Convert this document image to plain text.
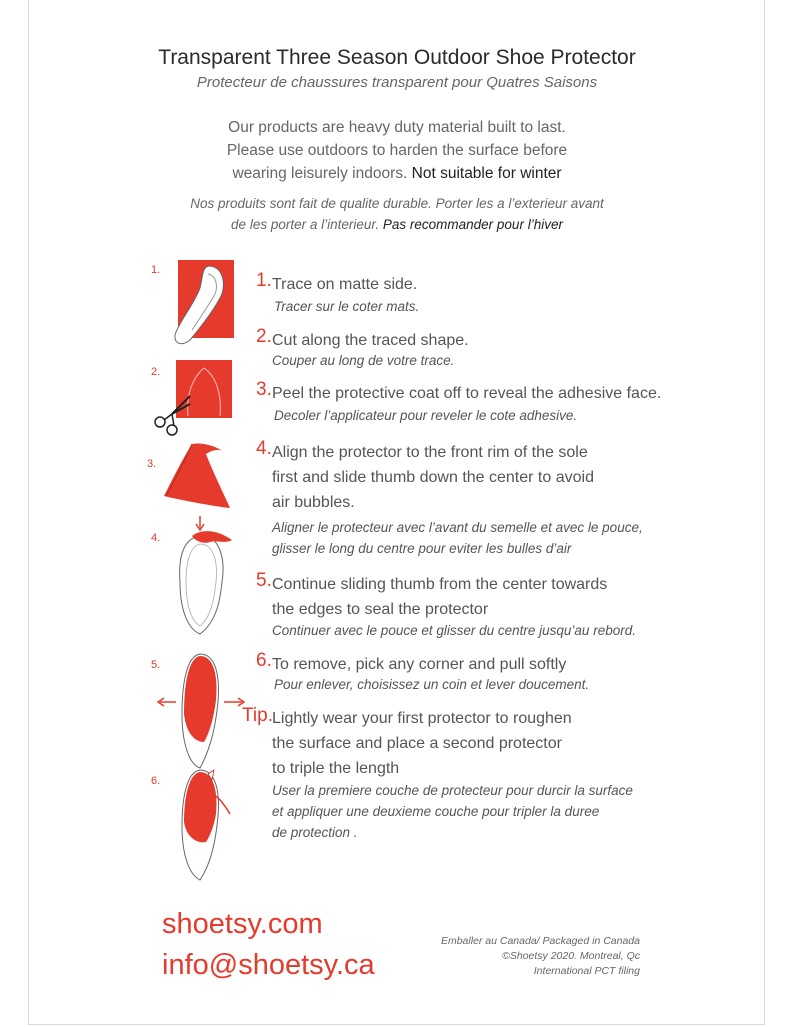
Transparent Three Season Outdoor Shoe Protector
Protecteur de chaussures transparent pour Quatres Saisons
Our products are heavy duty material built to last.
Please use outdoors to harden the surface before
wearing leisurely indoors. Not suitable for winter
Nos produits sont fait de qualite durable. Porter les a l’exterieur avant
de les porter a l’interieur. Pas recommander pour l’hiver
1.
2.
3.
4.
5.
6.
1. Trace on matte side.
Tracer sur le coter mats.
2. Cut along the traced shape.
Couper au long de votre trace.
3. Peel the protective coat off to reveal the adhesive face.
Decoler l’applicateur pour reveler le cote adhesive.
4. Align the protector to the front rim of the sole
first and slide thumb down the center to avoid
air bubbles.
Aligner le protecteur avec l’avant du semelle et avec le pouce,
glisser le long du centre pour eviter les bulles d’air
5. Continue sliding thumb from the center towards
the edges to seal the protector
Continuer avec le pouce et glisser du centre jusqu’au rebord.
6. To remove, pick any corner and pull softly
Pour enlever, choisissez un coin et lever doucement.
Tip. Lightly wear your first protector to roughen
the surface and place a second protector
to triple the length
User la premiere couche de protecteur pour durcir la surface
et appliquer une deuxieme couche pour tripler la duree
de protection .
shoetsy.com
info@shoetsy.ca
Emballer au Canada/ Packaged in Canada
©Shoetsy 2020. Montreal, Qc
International PCT filing
